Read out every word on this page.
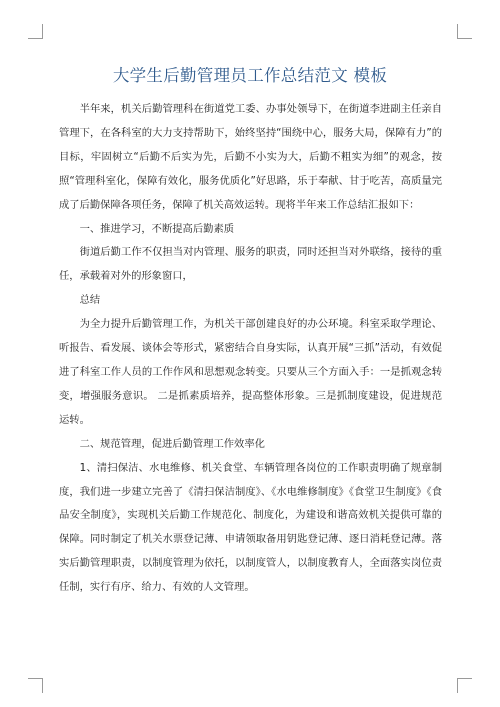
大学生后勤管理员工作总结范文 模板

半年来，机关后勤管理科在街道党工委、办事处领导下，在街道李进副主任亲自管理下，在各科室的大力支持帮助下，始终坚持“围绕中心，服务大局，保障有力”的目标，牢固树立“后勤不后实为先，后勤不小实为大，后勤不粗实为细”的观念，按照“管理科室化，保障有效化，服务优质化”好思路，乐于奉献、甘于吃苦，高质量完成了后勤保障各项任务，保障了机关高效运转。现将半年来工作总结汇报如下：

一、推进学习，不断提高后勤素质

街道后勤工作不仅担当对内管理、服务的职责，同时还担当对外联络，接待的重任，承载着对外的形象窗口，

总结

为全力提升后勤管理工作，为机关干部创建良好的办公环境。科室采取学理论、听报告、看发展、谈体会等形式，紧密结合自身实际，认真开展“三抓”活动，有效促进了科室工作人员的工作作风和思想观念转变。只要从三个方面入手：一是抓观念转变，增强服务意识。 二是抓素质培养，提高整体形象。三是抓制度建设，促进规范运转。

二、规范管理，促进后勤管理工作效率化

1、清扫保洁、水电维修、机关食堂、车辆管理各岗位的工作职责明确了规章制度，我们进一步建立完善了《清扫保洁制度》、《水电维修制度》《食堂卫生制度》《食品安全制度》，实现机关后勤工作规范化、制度化，为建设和谐高效机关提供可靠的保障。同时制定了机关水票登记薄、申请领取备用钥匙登记薄、逐日消耗登记薄。落实后勤管理职责，以制度管理为依托，以制度管人，以制度教育人，全面落实岗位责任制，实行有序、给力、有效的人文管理。
